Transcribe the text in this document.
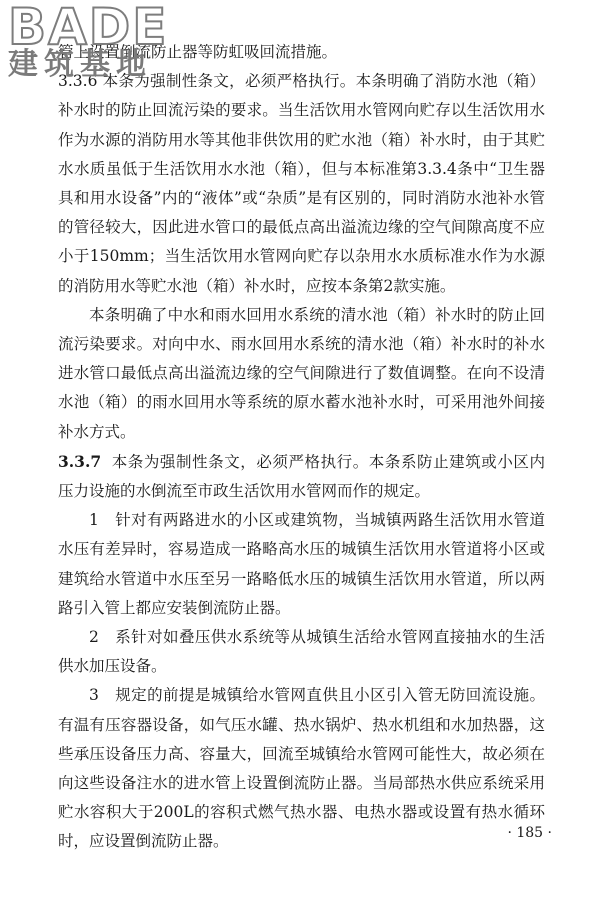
BADE
建筑基地

管上设置倒流防止器等防虹吸回流措施。

3.3.6 本条为强制性条文，必须严格执行。本条明确了消防水池（箱）补水时的防止回流污染的要求。当生活饮用水管网向贮存以生活饮用水作为水源的消防用水等其他非供饮用的贮水池（箱）补水时，由于其贮水水质虽低于生活饮用水水池（箱），但与本标准第3.3.4条中“卫生器具和用水设备”内的“液体”或“杂质”是有区别的，同时消防水池补水管的管径较大，因此进水管口的最低点高出溢流边缘的空气间隙高度不应小于150mm；当生活饮用水管网向贮存以杂用水水质标准水作为水源的消防用水等贮水池（箱）补水时，应按本条第2款实施。

本条明确了中水和雨水回用水系统的清水池（箱）补水时的防止回流污染要求。对向中水、雨水回用水系统的清水池（箱）补水时的补水进水管口最低点高出溢流边缘的空气间隙进行了数值调整。在向不设清水池（箱）的雨水回用水等系统的原水蓄水池补水时，可采用池外间接补水方式。

3.3.7 本条为强制性条文，必须严格执行。本条系防止建筑或小区内压力设施的水倒流至市政生活饮用水管网而作的规定。

1　针对有两路进水的小区或建筑物，当城镇两路生活饮用水管道水压有差异时，容易造成一路略高水压的城镇生活饮用水管道将小区或建筑给水管道中水压至另一路略低水压的城镇生活饮用水管道，所以两路引入管上都应安装倒流防止器。

2　系针对如叠压供水系统等从城镇生活给水管网直接抽水的生活供水加压设备。

3　规定的前提是城镇给水管网直供且小区引入管无防回流设施。有温有压容器设备，如气压水罐、热水锅炉、热水机组和水加热器，这些承压设备压力高、容量大，回流至城镇给水管网可能性大，故必须在向这些设备注水的进水管上设置倒流防止器。当局部热水供应系统采用贮水容积大于200L的容积式燃气热水器、电热水器或设置有热水循环时，应设置倒流防止器。	· 185 ·
